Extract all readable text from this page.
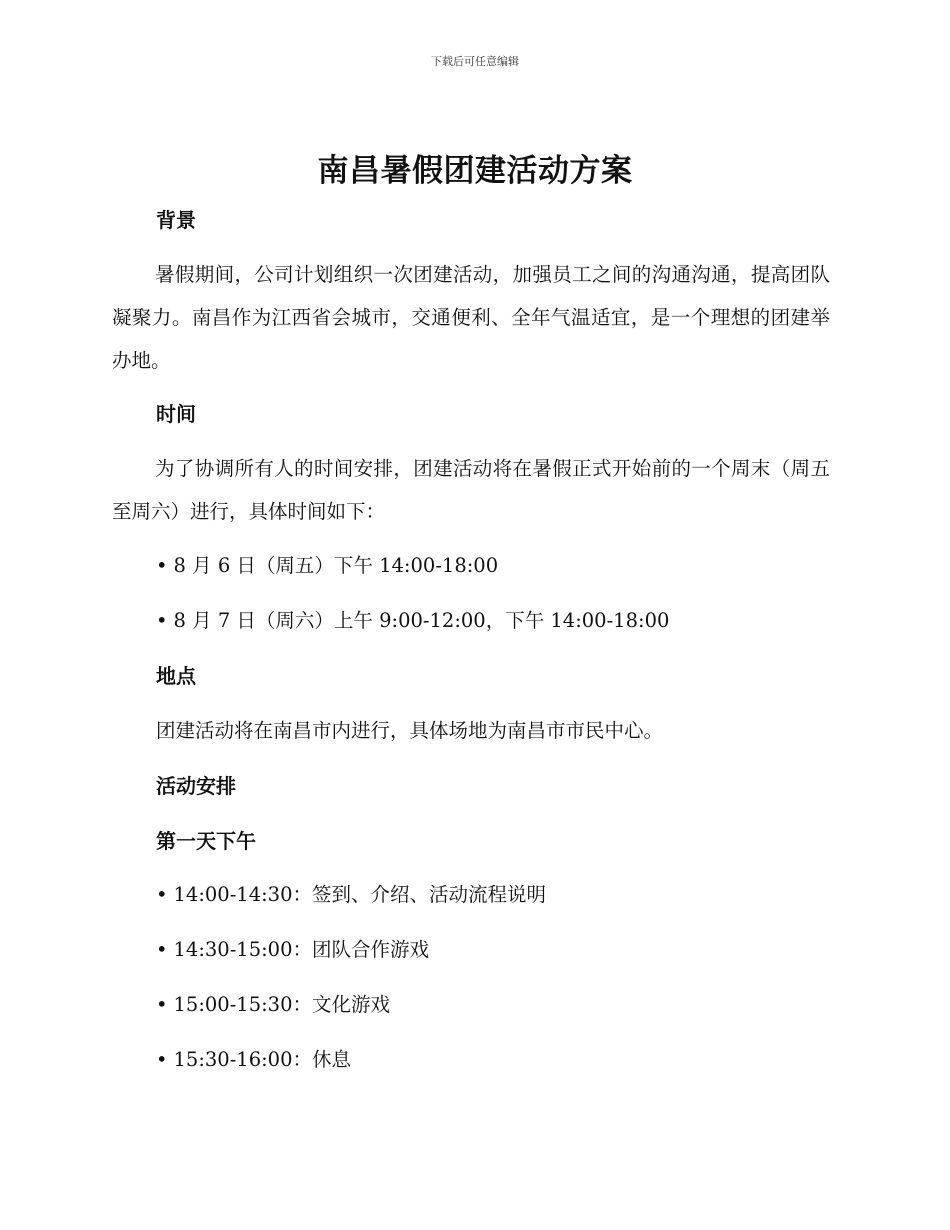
下载后可任意编辑
南昌暑假团建活动方案
背景

暑假期间，公司计划组织一次团建活动，加强员工之间的沟通沟通，提高团队凝聚力。南昌作为江西省会城市，交通便利、全年气温适宜，是一个理想的团建举办地。

时间

为了协调所有人的时间安排，团建活动将在暑假正式开始前的一个周末（周五至周六）进行，具体时间如下：

• 8 月 6 日（周五）下午 14:00-18:00
• 8 月 7 日（周六）上午 9:00-12:00，下午 14:00-18:00
地点
团建活动将在南昌市内进行，具体场地为南昌市市民中心。
活动安排
第一天下午
• 14:00-14:30：签到、介绍、活动流程说明
• 14:30-15:00：团队合作游戏
• 15:00-15:30：文化游戏
• 15:30-16:00：休息
